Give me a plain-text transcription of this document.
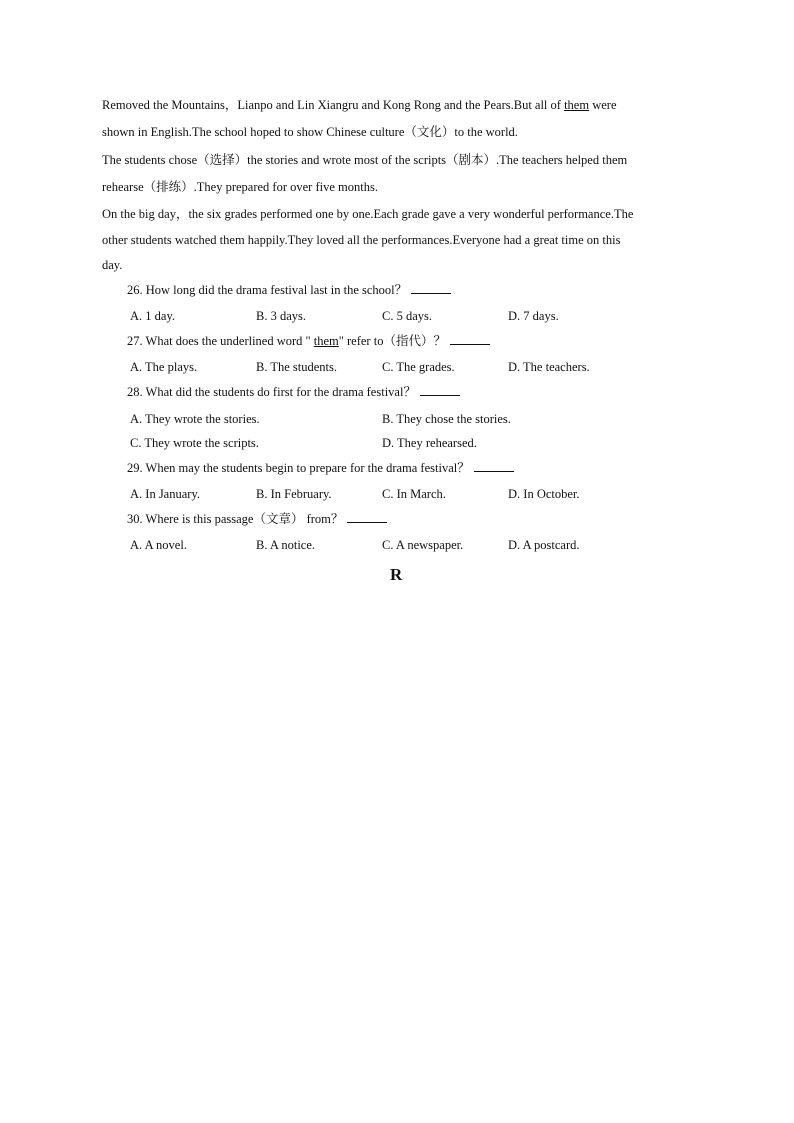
Removed the Mountains，Lianpo and Lin Xiangru and Kong Rong and the Pears.But all of them were
shown in English.The school hoped to show Chinese culture（文化）to the world.
The students chose（选择）the stories and wrote most of the scripts（剧本）.The teachers helped them
rehearse（排练）.They prepared for over five months.
On the big day，the six grades performed one by one.Each grade gave a very wonderful performance.The
other students watched them happily.They loved all the performances.Everyone had a great time on this
day.
26. How long did the drama festival last in the school？
A. 1 day.	B. 3 days.	C. 5 days.	D. 7 days.
27. What does the underlined word " them" refer to（指代）？
A. The plays.	B. The students.	C. The grades.	D. The teachers.
28. What did the students do first for the drama festival？
A. They wrote the stories.	B. They chose the stories.
C. They wrote the scripts.	D. They rehearsed.
29. When may the students begin to prepare for the drama festival？
A. In January.	B. In February.	C. In March.	D. In October.
30. Where is this passage（文章） from？
A. A novel.	B. A notice.	C. A newspaper.	D. A postcard.
R
